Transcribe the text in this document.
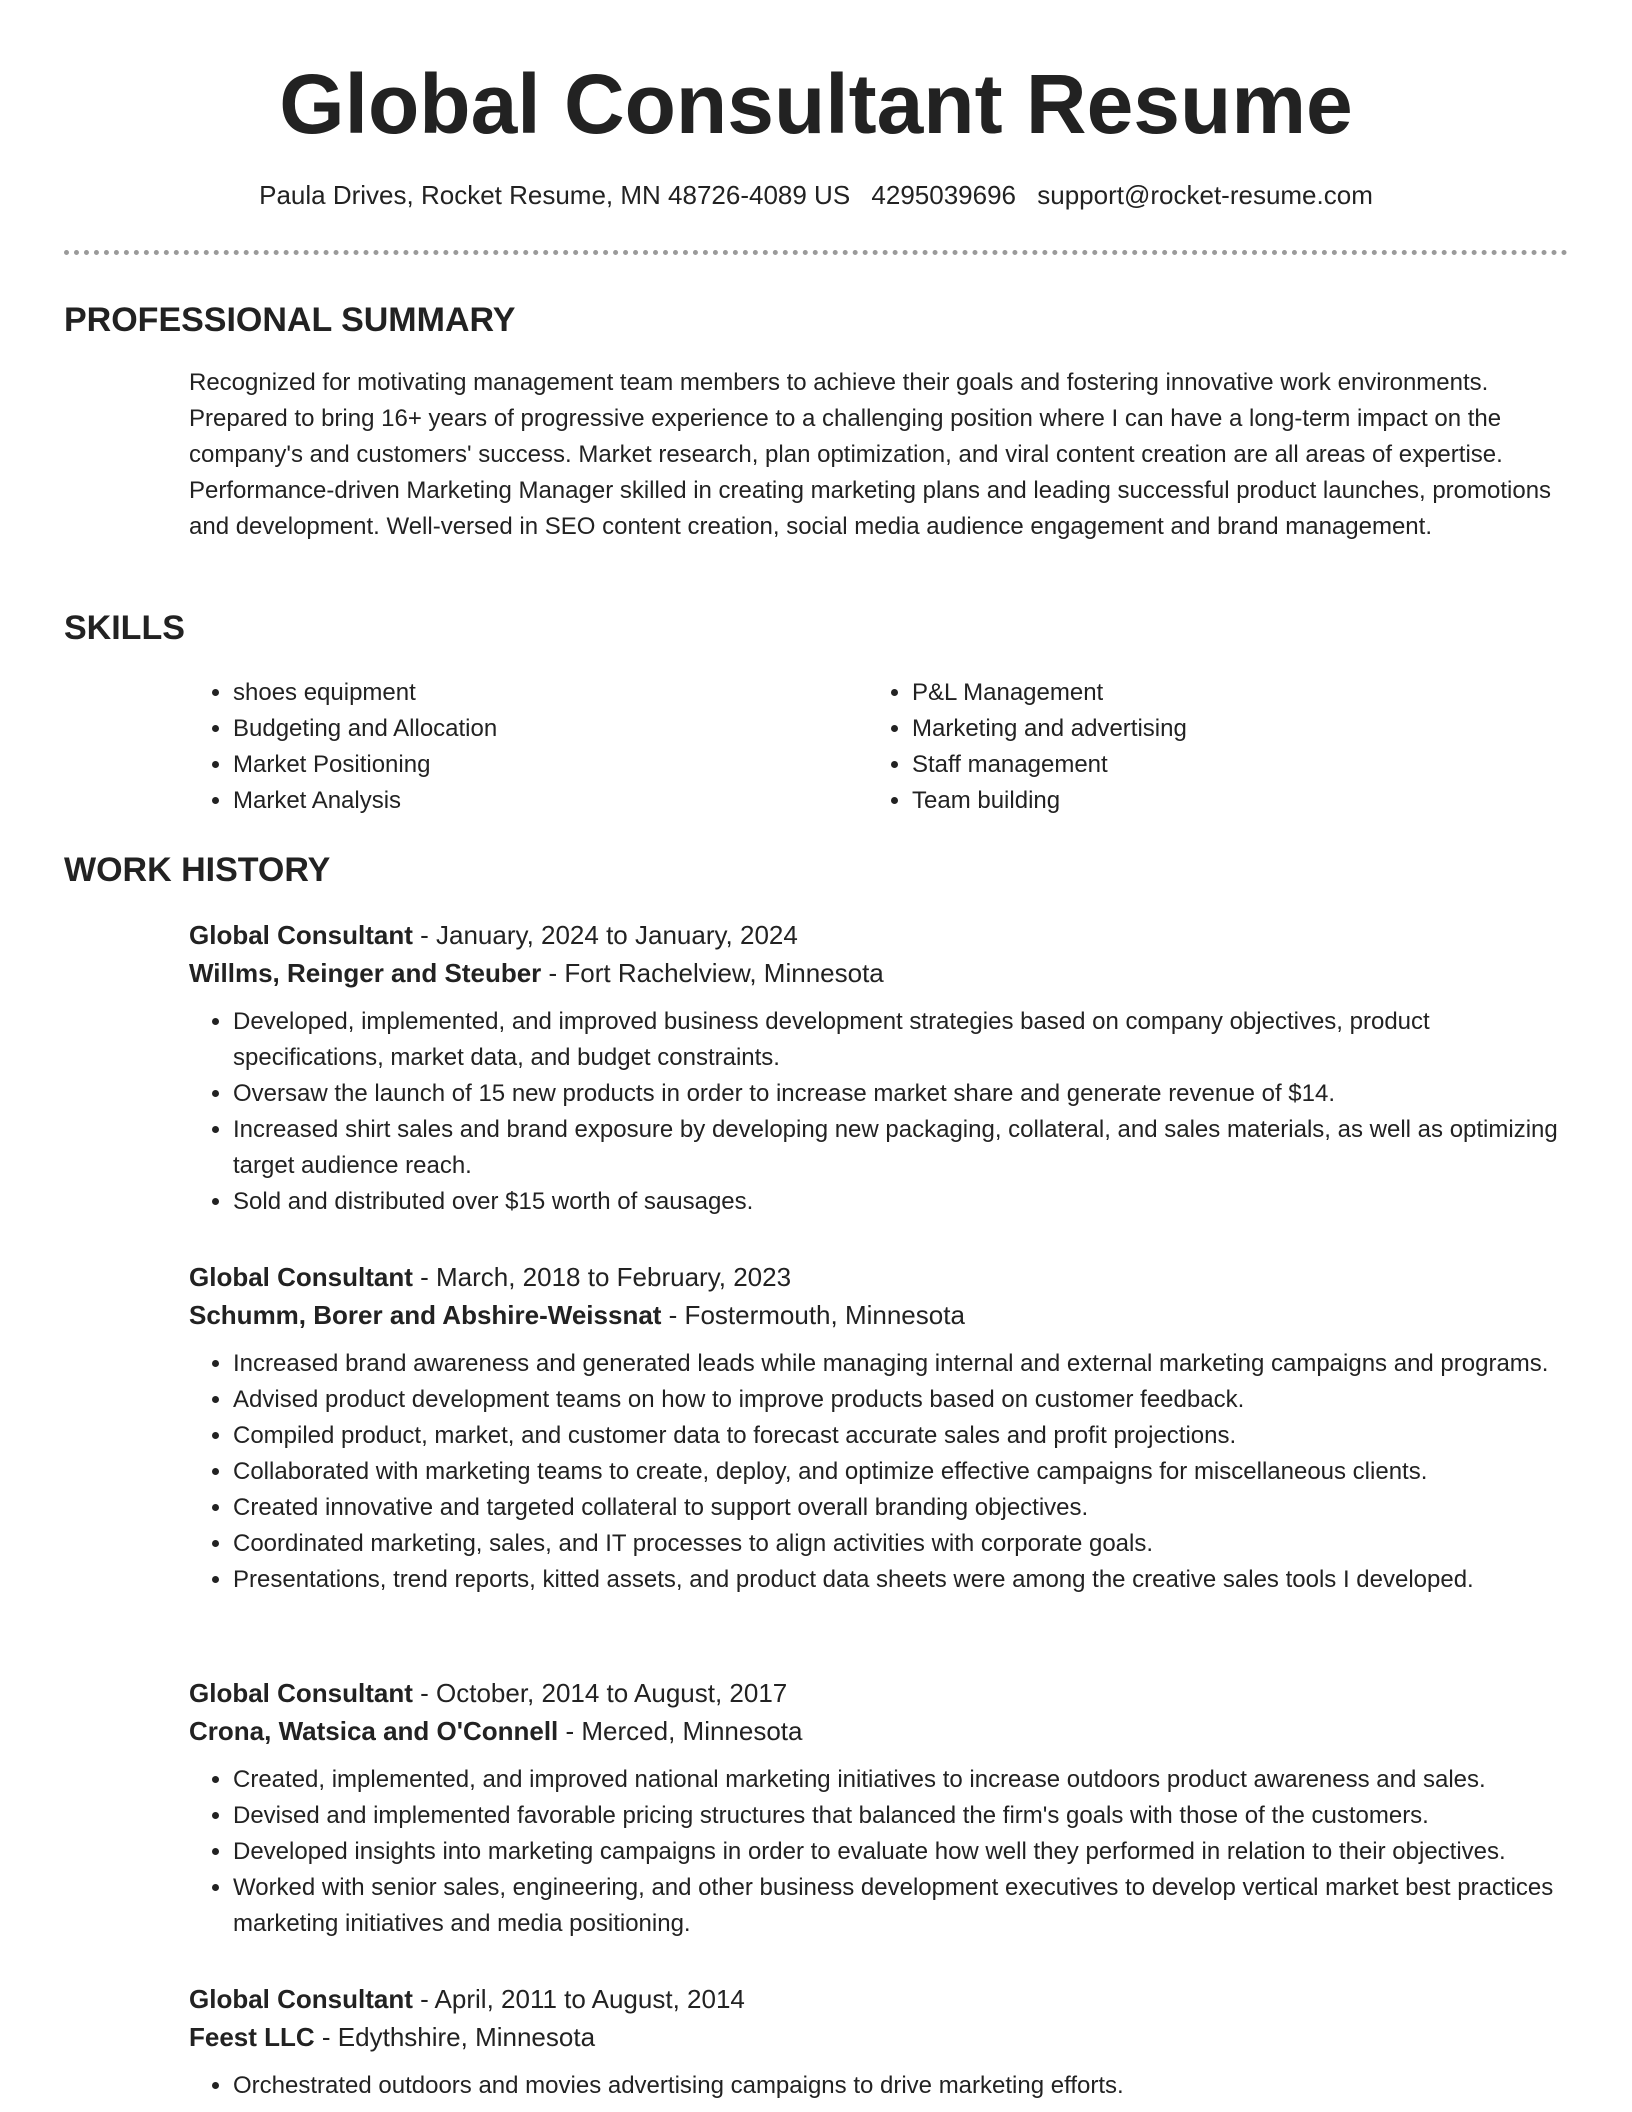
Global Consultant Resume
Paula Drives, Rocket Resume, MN 48726-4089 US 4295039696 support@rocket-resume.com
PROFESSIONAL SUMMARY

Recognized for motivating management team members to achieve their goals and fostering innovative work environments. Prepared to bring 16+ years of progressive experience to a challenging position where I can have a long-term impact on the company's and customers' success. Market research, plan optimization, and viral content creation are all areas of expertise. Performance-driven Marketing Manager skilled in creating marketing plans and leading successful product launches, promotions and development. Well-versed in SEO content creation, social media audience engagement and brand management.

SKILLS
• shoes equipment
• Budgeting and Allocation
• Market Positioning
• Market Analysis
• P&L Management
• Marketing and advertising
• Staff management
• Team building
WORK HISTORY
Global Consultant - January, 2024 to January, 2024
Willms, Reinger and Steuber - Fort Rachelview, Minnesota
• Developed, implemented, and improved business development strategies based on company objectives, product specifications, market data, and budget constraints.
• Oversaw the launch of 15 new products in order to increase market share and generate revenue of $14.
• Increased shirt sales and brand exposure by developing new packaging, collateral, and sales materials, as well as optimizing target audience reach.
• Sold and distributed over $15 worth of sausages.
Global Consultant - March, 2018 to February, 2023
Schumm, Borer and Abshire-Weissnat - Fostermouth, Minnesota
• Increased brand awareness and generated leads while managing internal and external marketing campaigns and programs.
• Advised product development teams on how to improve products based on customer feedback.
• Compiled product, market, and customer data to forecast accurate sales and profit projections.
• Collaborated with marketing teams to create, deploy, and optimize effective campaigns for miscellaneous clients.
• Created innovative and targeted collateral to support overall branding objectives.
• Coordinated marketing, sales, and IT processes to align activities with corporate goals.
• Presentations, trend reports, kitted assets, and product data sheets were among the creative sales tools I developed.
Global Consultant - October, 2014 to August, 2017
Crona, Watsica and O'Connell - Merced, Minnesota
• Created, implemented, and improved national marketing initiatives to increase outdoors product awareness and sales.
• Devised and implemented favorable pricing structures that balanced the firm's goals with those of the customers.
• Developed insights into marketing campaigns in order to evaluate how well they performed in relation to their objectives.
• Worked with senior sales, engineering, and other business development executives to develop vertical market best practices marketing initiatives and media positioning.
Global Consultant - April, 2011 to August, 2014
Feest LLC - Edythshire, Minnesota
• Orchestrated outdoors and movies advertising campaigns to drive marketing efforts.
